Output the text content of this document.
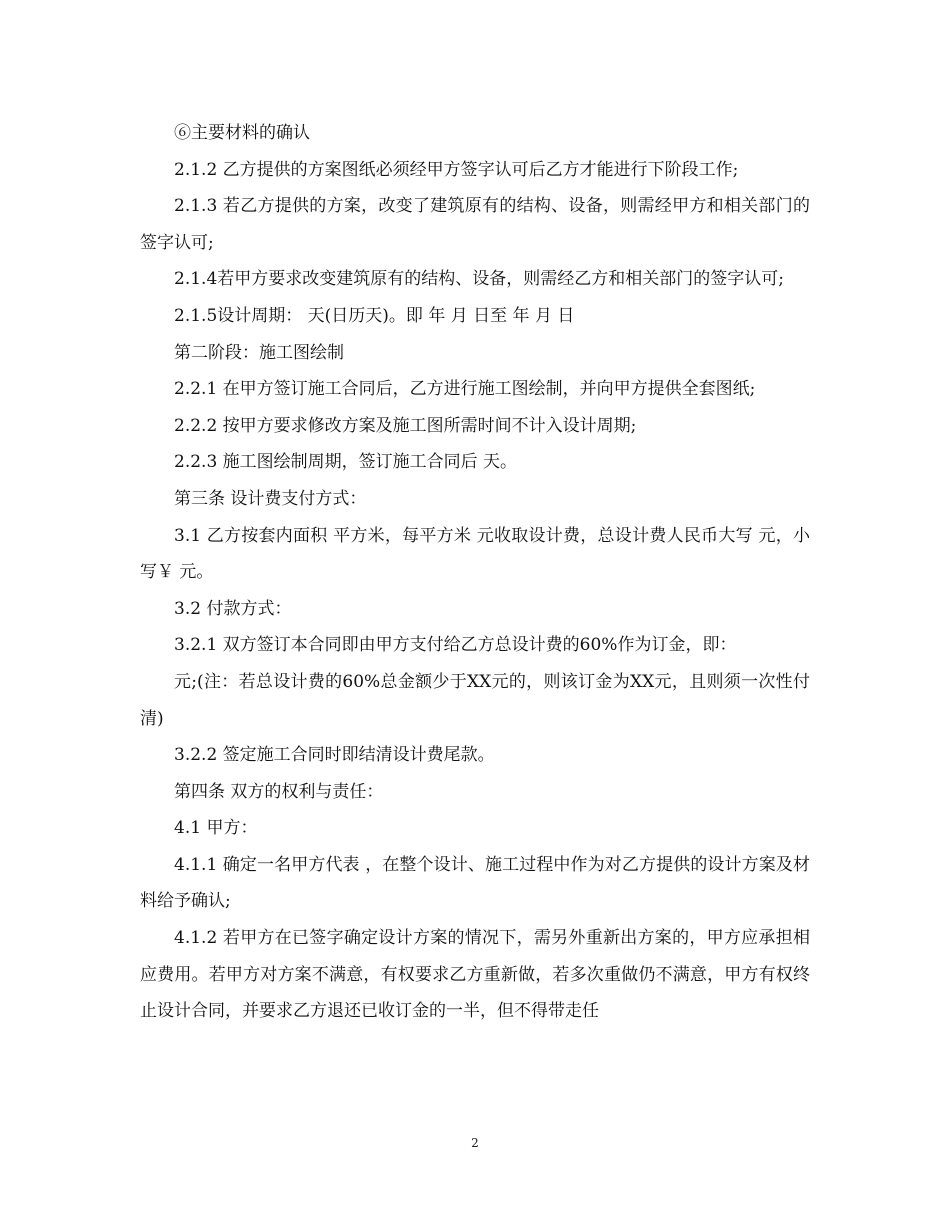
⑥主要材料的确认

2.1.2 乙方提供的方案图纸必须经甲方签字认可后乙方才能进行下阶段工作;

2.1.3 若乙方提供的方案，改变了建筑原有的结构、设备，则需经甲方和相关部门的签字认可;

2.1.4若甲方要求改变建筑原有的结构、设备，则需经乙方和相关部门的签字认可;

2.1.5设计周期： 天(日历天)。即 年 月 日至 年 月 日

第二阶段：施工图绘制

2.2.1 在甲方签订施工合同后，乙方进行施工图绘制，并向甲方提供全套图纸;

2.2.2 按甲方要求修改方案及施工图所需时间不计入设计周期;

2.2.3 施工图绘制周期，签订施工合同后 天。

第三条 设计费支付方式：

3.1 乙方按套内面积 平方米，每平方米 元收取设计费，总设计费人民币大写 元，小写￥ 元。

3.2 付款方式：

3.2.1 双方签订本合同即由甲方支付给乙方总设计费的60%作为订金，即：

元;(注：若总设计费的60%总金额少于XX元的，则该订金为XX元，且则须一次性付清)

3.2.2 签定施工合同时即结清设计费尾款。

第四条 双方的权利与责任：

4.1 甲方：

4.1.1 确定一名甲方代表 ，在整个设计、施工过程中作为对乙方提供的设计方案及材料给予确认;

4.1.2 若甲方在已签字确定设计方案的情况下，需另外重新出方案的，甲方应承担相应费用。若甲方对方案不满意，有权要求乙方重新做，若多次重做仍不满意，甲方有权终止设计合同，并要求乙方退还已收订金的一半，但不得带走任

2
